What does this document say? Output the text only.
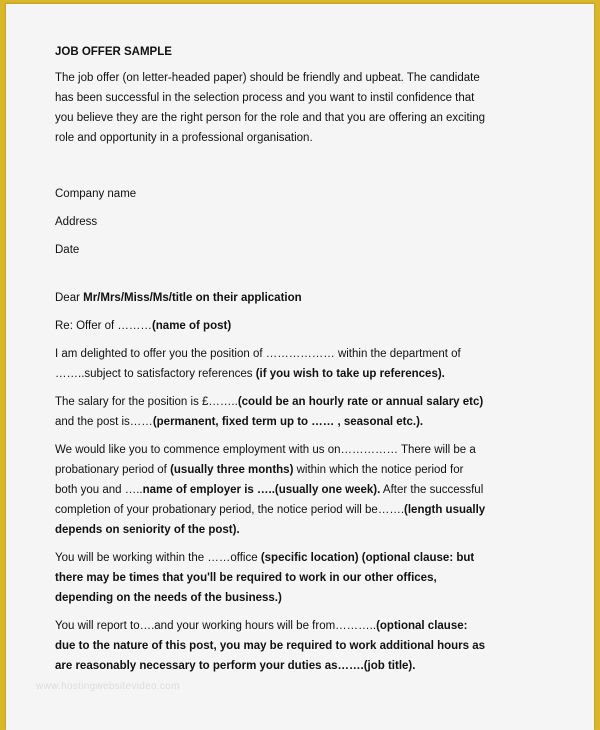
JOB OFFER SAMPLE

The job offer (on letter-headed paper) should be friendly and upbeat. The candidate

has been successful in the selection process and you want to instil confidence that

you believe they are the right person for the role and that you are offering an exciting

role and opportunity in a professional organisation.

Company name

Address

Date

Dear Mr/Mrs/Miss/Ms/title on their application

Re: Offer of ………(name of post)

I am delighted to offer you the position of ……………… within the department of

……..subject to satisfactory references (if you wish to take up references).

The salary for the position is £……..(could be an hourly rate or annual salary etc)

and the post is……(permanent, fixed term up to …… , seasonal etc.).

We would like you to commence employment with us on…………… There will be a

probationary period of (usually three months) within which the notice period for

both you and …..name of employer is …..(usually one week). After the successful

completion of your probationary period, the notice period will be…….(length usually

depends on seniority of the post).

You will be working within the ……office (specific location) (optional clause: but

there may be times that you'll be required to work in our other offices,

depending on the needs of the business.)

You will report to….and your working hours will be from………..(optional clause:

due to the nature of this post, you may be required to work additional hours as

are reasonably necessary to perform your duties as…….(job title).

www.hostingwebsitevideo.com
